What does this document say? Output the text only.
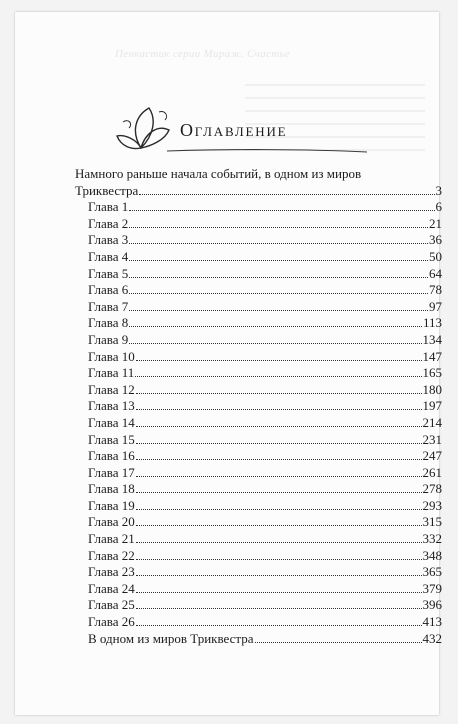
Пенкастик серии Мираж. Счастье
Оглавление
Намного раньше начала событий, в одном из миров
Триквестра	3
Глава 1	6
Глава 2	21
Глава 3	36
Глава 4	50
Глава 5	64
Глава 6	78
Глава 7	97
Глава 8	113
Глава 9	134
Глава 10	147
Глава 11	165
Глава 12	180
Глава 13	197
Глава 14	214
Глава 15	231
Глава 16	247
Глава 17	261
Глава 18	278
Глава 19	293
Глава 20	315
Глава 21	332
Глава 22	348
Глава 23	365
Глава 24	379
Глава 25	396
Глава 26	413
В одном из миров Триквестра	432
